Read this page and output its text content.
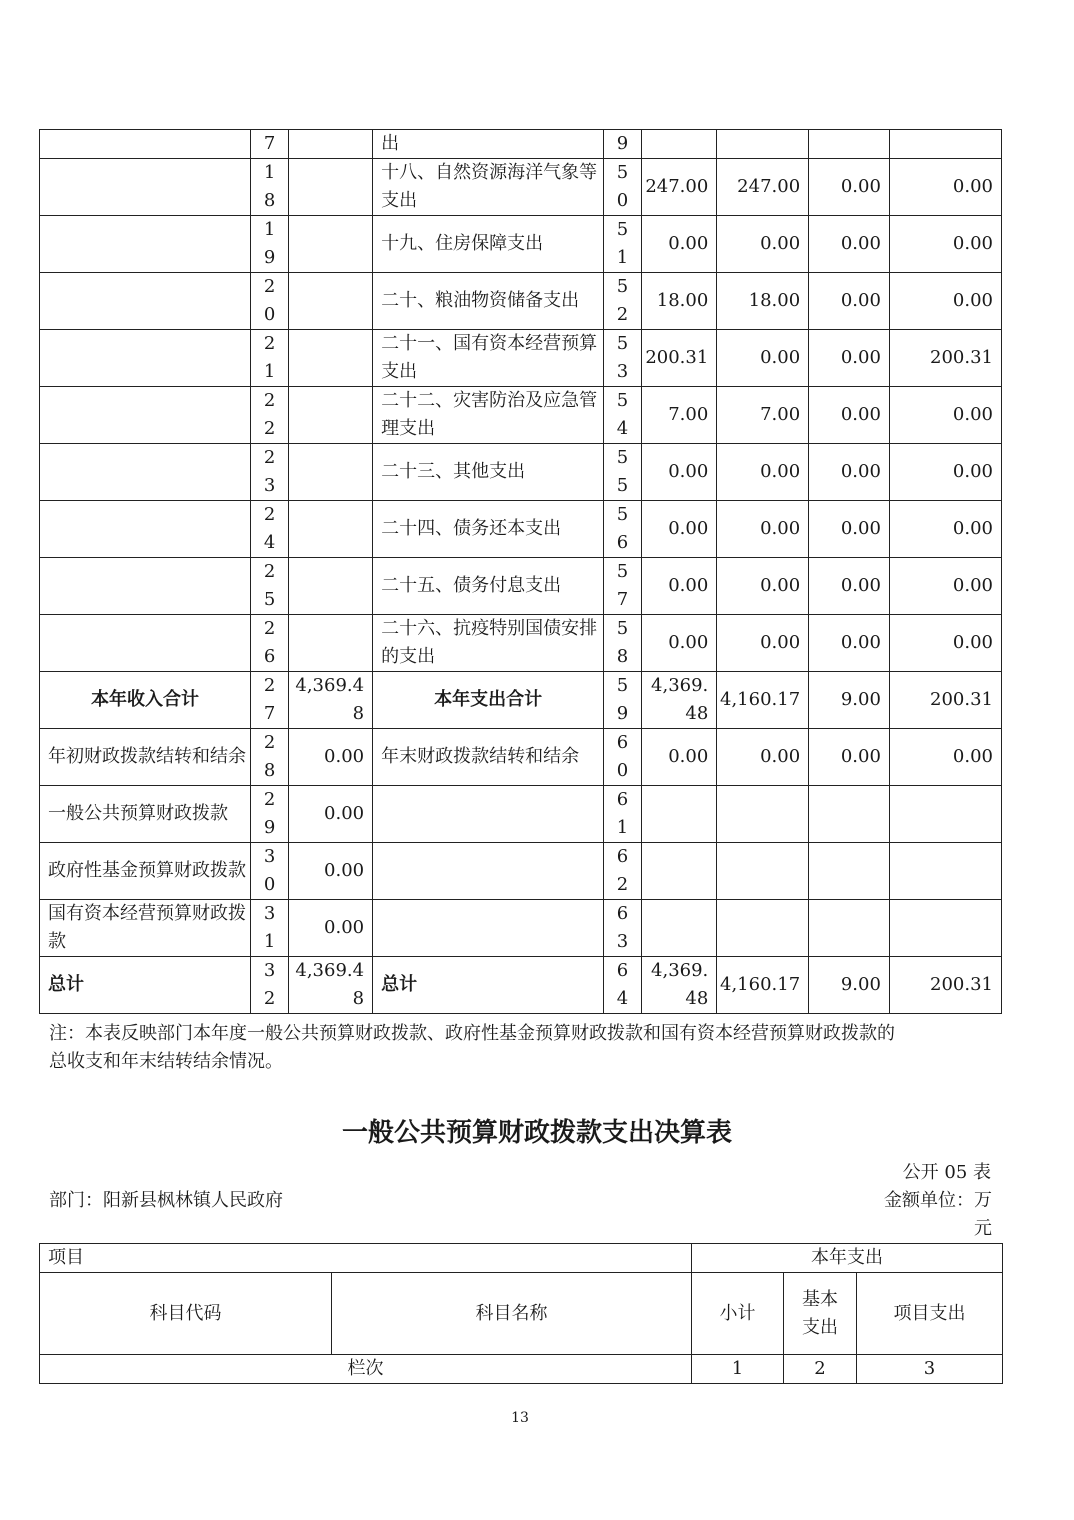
	7		出	9				
	18		十八、自然资源海洋气象等支出	50	247.00	247.00	0.00	0.00
	19		十九、住房保障支出	51	0.00	0.00	0.00	0.00
	20		二十、粮油物资储备支出	52	18.00	18.00	0.00	0.00
	21		二十一、国有资本经营预算支出	53	200.31	0.00	0.00	200.31
	22		二十二、灾害防治及应急管理支出	54	7.00	7.00	0.00	0.00
	23		二十三、其他支出	55	0.00	0.00	0.00	0.00
	24		二十四、债务还本支出	56	0.00	0.00	0.00	0.00
	25		二十五、债务付息支出	57	0.00	0.00	0.00	0.00
	26		二十六、抗疫特别国债安排的支出	58	0.00	0.00	0.00	0.00
本年收入合计	27	4,369.48	本年支出合计	59	4,369.48	4,160.17	9.00	200.31
年初财政拨款结转和结余	28	0.00	年末财政拨款结转和结余	60	0.00	0.00	0.00	0.00
一般公共预算财政拨款	29	0.00		61				
政府性基金预算财政拨款	30	0.00		62				
国有资本经营预算财政拨款	31	0.00		63				
总计	32	4,369.48	总计	64	4,369.48	4,160.17	9.00	200.31
注：本表反映部门本年度一般公共预算财政拨款、政府性基金预算财政拨款和国有资本经营预算财政拨款的总收支和年末结转结余情况。
一般公共预算财政拨款支出决算表
公开 05 表
部门：阳新县枫林镇人民政府	金额单位：万元
项目		本年支出		
科目代码	科目名称	小计	基本支出	项目支出
栏次		1	2	3
13
